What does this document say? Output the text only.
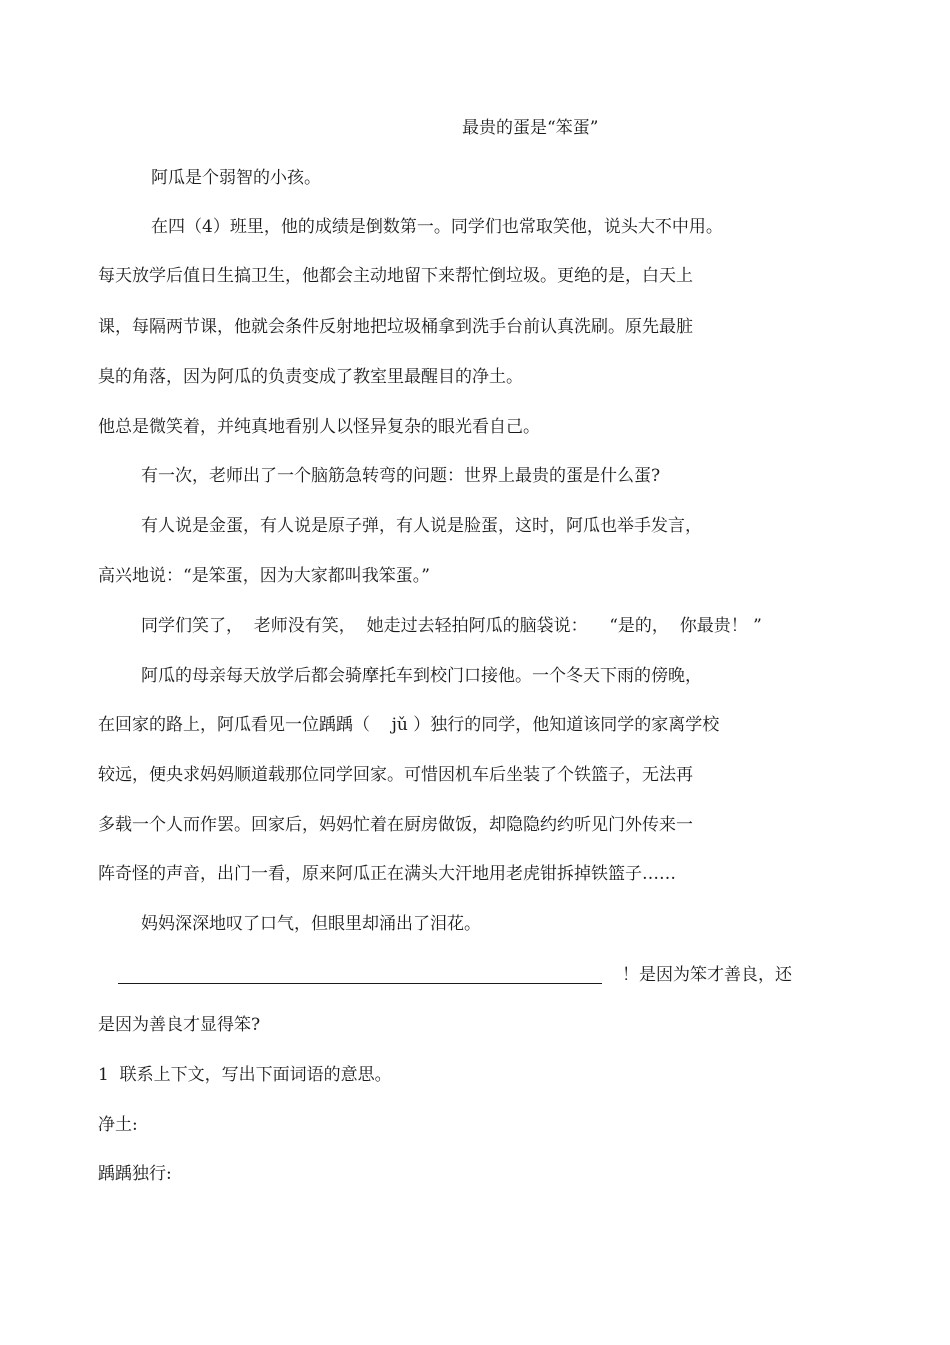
最贵的蛋是“笨蛋”
阿瓜是个弱智的小孩。
在四（4）班里，他的成绩是倒数第一。同学们也常取笑他，说头大不中用。
每天放学后值日生搞卫生，他都会主动地留下来帮忙倒垃圾。更绝的是，白天上
课，每隔两节课，他就会条件反射地把垃圾桶拿到洗手台前认真洗刷。原先最脏
臭的角落，因为阿瓜的负责变成了教室里最醒目的净土。
他总是微笑着，并纯真地看别人以怪异复杂的眼光看自己。
有一次，老师出了一个脑筋急转弯的问题：世界上最贵的蛋是什么蛋?
有人说是金蛋，有人说是原子弹，有人说是脸蛋，这时，阿瓜也举手发言，
高兴地说：“是笨蛋，因为大家都叫我笨蛋。”
同学们笑了，  老师没有笑，  她走过去轻拍阿瓜的脑袋说：    “是的，  你最贵！ ”
阿瓜的母亲每天放学后都会骑摩托车到校门口接他。一个冬天下雨的傍晚，
在回家的路上，阿瓜看见一位踽踽（    jǔ ）独行的同学，他知道该同学的家离学校
较远，便央求妈妈顺道载那位同学回家。可惜因机车后坐装了个铁篮子，无法再
多载一个人而作罢。回家后，妈妈忙着在厨房做饭，却隐隐约约听见门外传来一
阵奇怪的声音，出门一看，原来阿瓜正在满头大汗地用老虎钳拆掉铁篮子……
妈妈深深地叹了口气，但眼里却涌出了泪花。
！是因为笨才善良，还
是因为善良才显得笨?
1  联系上下文，写出下面词语的意思。
净土:
踽踽独行:
